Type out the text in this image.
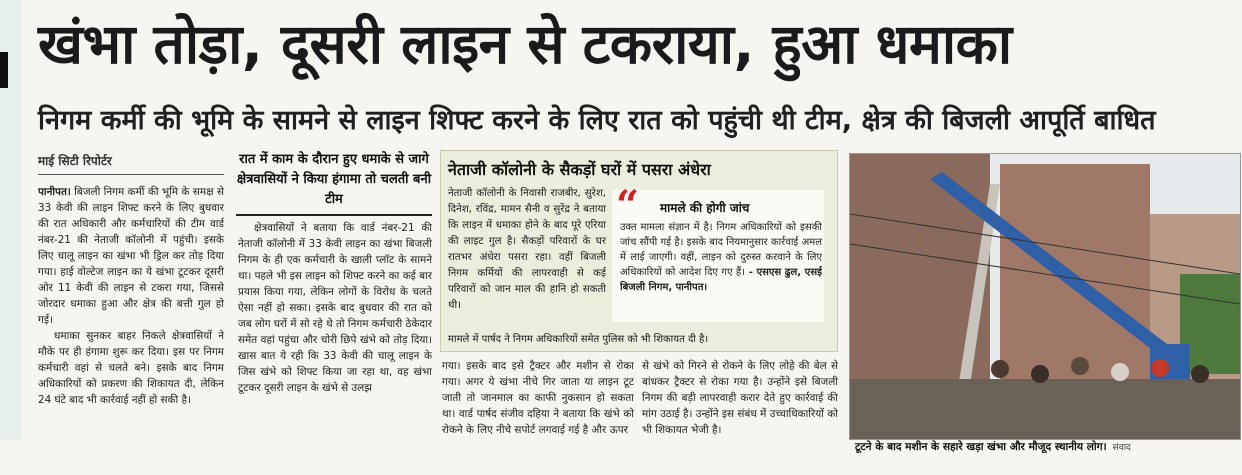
खंभा तोड़ा, दूसरी लाइन से टकराया, हुआ धमाका
निगम कर्मी की भूमि के सामने से लाइन शिफ्ट करने के लिए रात को पहुंची थी टीम, क्षेत्र की बिजली आपूर्ति बाधित
माई सिटी रिपोर्टर
पानीपत। बिजली निगम कर्मी की भूमि के समक्ष से 33 केवी की लाइन शिफ्ट करने के लिए बुधवार की रात अधिकारी और कर्मचारियों की टीम वार्ड नंबर-21 की नेताजी कॉलोनी में पहुंची। इसके लिए चालू लाइन का खंभा भी ड्रिल कर तोड़ दिया गया। हाई वोल्टेज लाइन का ये खंभा टूटकर दूसरी ओर 11 केवी की लाइन से टकरा गया, जिससे जोरदार धमाका हुआ और क्षेत्र की बत्ती गुल हो गई।
धमाका सुनकर बाहर निकले क्षेत्रवासियों ने मौके पर ही हंगामा शुरू कर दिया। इस पर निगम कर्मचारी वहां से चलते बने। इसके बाद निगम अधिकारियों को प्रकरण की शिकायत दी, लेकिन 24 घंटे बाद भी कार्रवाई नहीं हो सकी है।
रात में काम के दौरान हुए धमाके से जागे क्षेत्रवासियों ने किया हंगामा तो चलती बनी टीम
क्षेत्रवासियों ने बताया कि वार्ड नंबर-21 की नेताजी कॉलोनी में 33 केवी लाइन का खंभा बिजली निगम के ही एक कर्मचारी के खाली प्लॉट के सामने था। पहले भी इस लाइन को शिफ्ट करने का कई बार प्रयास किया गया, लेकिन लोगों के विरोध के चलते ऐसा नहीं हो सका। इसके बाद बुधवार की रात को जब लोग घरों में सो रहे थे तो निगम कर्मचारी ठेकेदार समेत वहां पहुंचा और चोरी छिपे खंभे को तोड़ दिया। खास बात ये रही कि 33 केवी की चालू लाइन के जिस खंभे को शिफ्ट किया जा रहा था, वह खंभा टूटकर दूसरी लाइन के खंभे से उलझ
नेताजी कॉलोनी के सैकड़ों घरों में पसरा अंधेरा
नेताजी कॉलोनी के निवासी राजबीर, सुरेश, दिनेश, रविंद्र, मामन सैनी व सुरेंद्र ने बताया कि लाइन में धमाका होने के बाद पूरे एरिया की लाइट गुल है। सैकड़ों परिवारों के घर रातभर अंधेरा पसरा रहा। वहीं बिजली निगम कर्मियों की लापरवाही से कई परिवारों को जान माल की हानि हो सकती थी।
“ मामले की होगी जांच
उक्त मामला संज्ञान में है। निगम अधिकारियों को इसकी जांच सौंपी गई है। इसके बाद नियमानुसार कार्रवाई अमल में लाई जाएगी। वहीं, लाइन को दुरुस्त करवाने के लिए अधिकारियों को आदेश दिए गए हैं। - एसएस ढुल, एसई बिजली निगम, पानीपत।
मामले में पार्षद ने निगम अधिकारियों समेत पुलिस को भी शिकायत दी है।
गया। इसके बाद इसे ट्रैक्टर और मशीन से रोका गया। अगर ये खंभा नीचे गिर जाता या लाइन टूट जाती तो जानमाल का काफी नुकसान हो सकता था। वार्ड पार्षद संजीव दहिया ने बताया कि खंभे को रोकने के लिए नीचे सपोर्ट लगवाई गई है और ऊपर
से खंभे को गिरने से रोकने के लिए लोहे की बेल से बांधकर ट्रैक्टर से रोका गया है। उन्होंने इसे बिजली निगम की बड़ी लापरवाही करार देते हुए कार्रवाई की मांग उठाई है। उन्होंने इस संबंध में उच्चाधिकारियों को भी शिकायत भेजी है।
टूटने के बाद मशीन के सहारे खड़ा खंभा और मौजूद स्थानीय लोग। संवाद
